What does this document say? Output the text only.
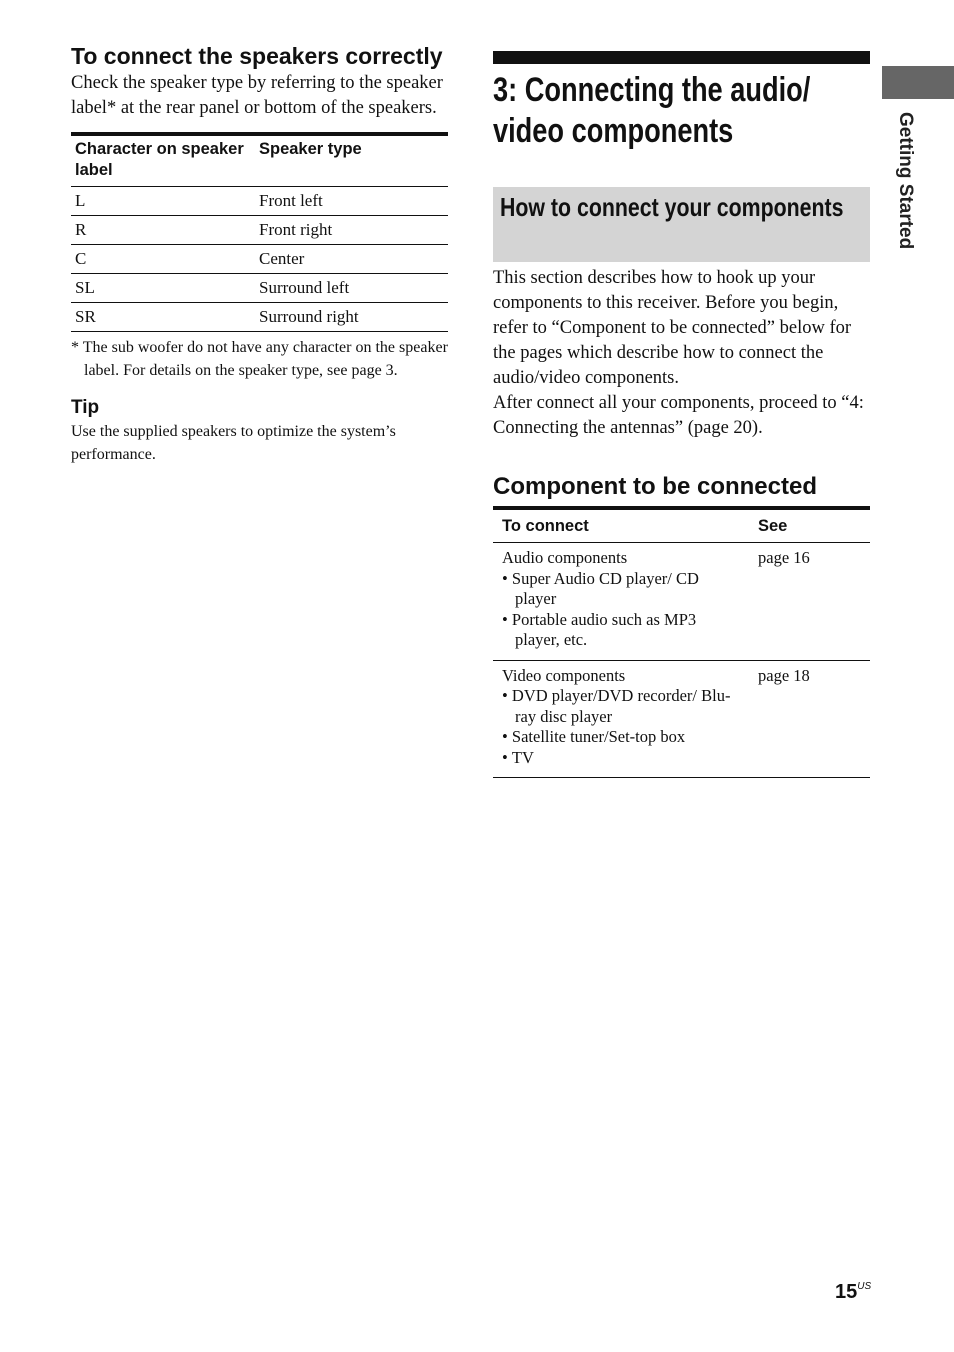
To connect the speakers correctly

Check the speaker type by referring to the speaker label* at the rear panel or bottom of the speakers.

Character on speaker label	Speaker type
L	Front left
R	Front right
C	Center
SL	Surround left
SR	Surround right
* The sub woofer do not have any character on the speaker label. For details on the speaker type, see page 3.
Tip
Use the supplied speakers to optimize the system’s performance.
3: Connecting the audio/ video components
How to connect your components

This section describes how to hook up your components to this receiver. Before you begin, refer to “Component to be connected” below for the pages which describe how to connect the audio/video components.

After connect all your components, proceed to “4: Connecting the antennas” (page 20).

Component to be connected
To connect	See

Audio components
• Super Audio CD player/ CD player
• Portable audio such as MP3 player, etc.	page 16

Video components
• DVD player/DVD recorder/ Blu-ray disc player
• Satellite tuner/Set-top box
• TV	page 18
Getting Started
$15^{US}$
